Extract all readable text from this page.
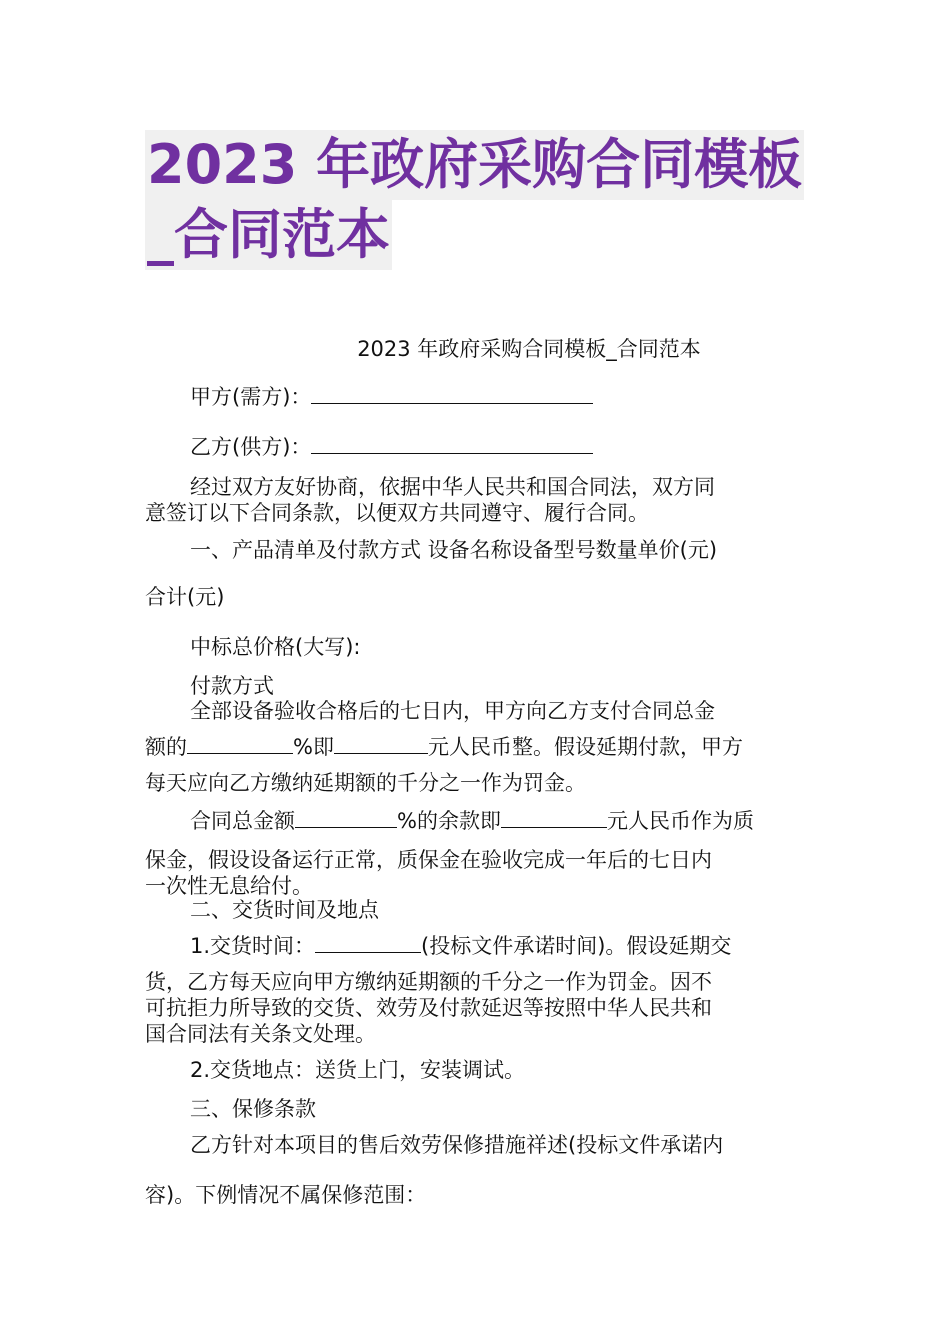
2023 年政府采购合同模板
_合同范本
2023 年政府采购合同模板_合同范本
甲方(需方)：
乙方(供方)：
经过双方友好协商，依据中华人民共和国合同法，双方同
意签订以下合同条款，以便双方共同遵守、履行合同。
一、产品清单及付款方式 设备名称设备型号数量单价(元)
合计(元)
中标总价格(大写):
付款方式
全部设备验收合格后的七日内，甲方向乙方支付合同总金
额的	%即	元人民币整。假设延期付款，甲方
每天应向乙方缴纳延期额的千分之一作为罚金。
合同总金额	%的余款即	元人民币作为质
保金，假设设备运行正常，质保金在验收完成一年后的七日内
一次性无息给付。
二、交货时间及地点
1.交货时间：	(投标文件承诺时间)。假设延期交
货，乙方每天应向甲方缴纳延期额的千分之一作为罚金。因不
可抗拒力所导致的交货、效劳及付款延迟等按照中华人民共和
国合同法有关条文处理。
2.交货地点：送货上门，安装调试。
三、保修条款
乙方针对本项目的售后效劳保修措施祥述(投标文件承诺内
容)。下例情况不属保修范围：
